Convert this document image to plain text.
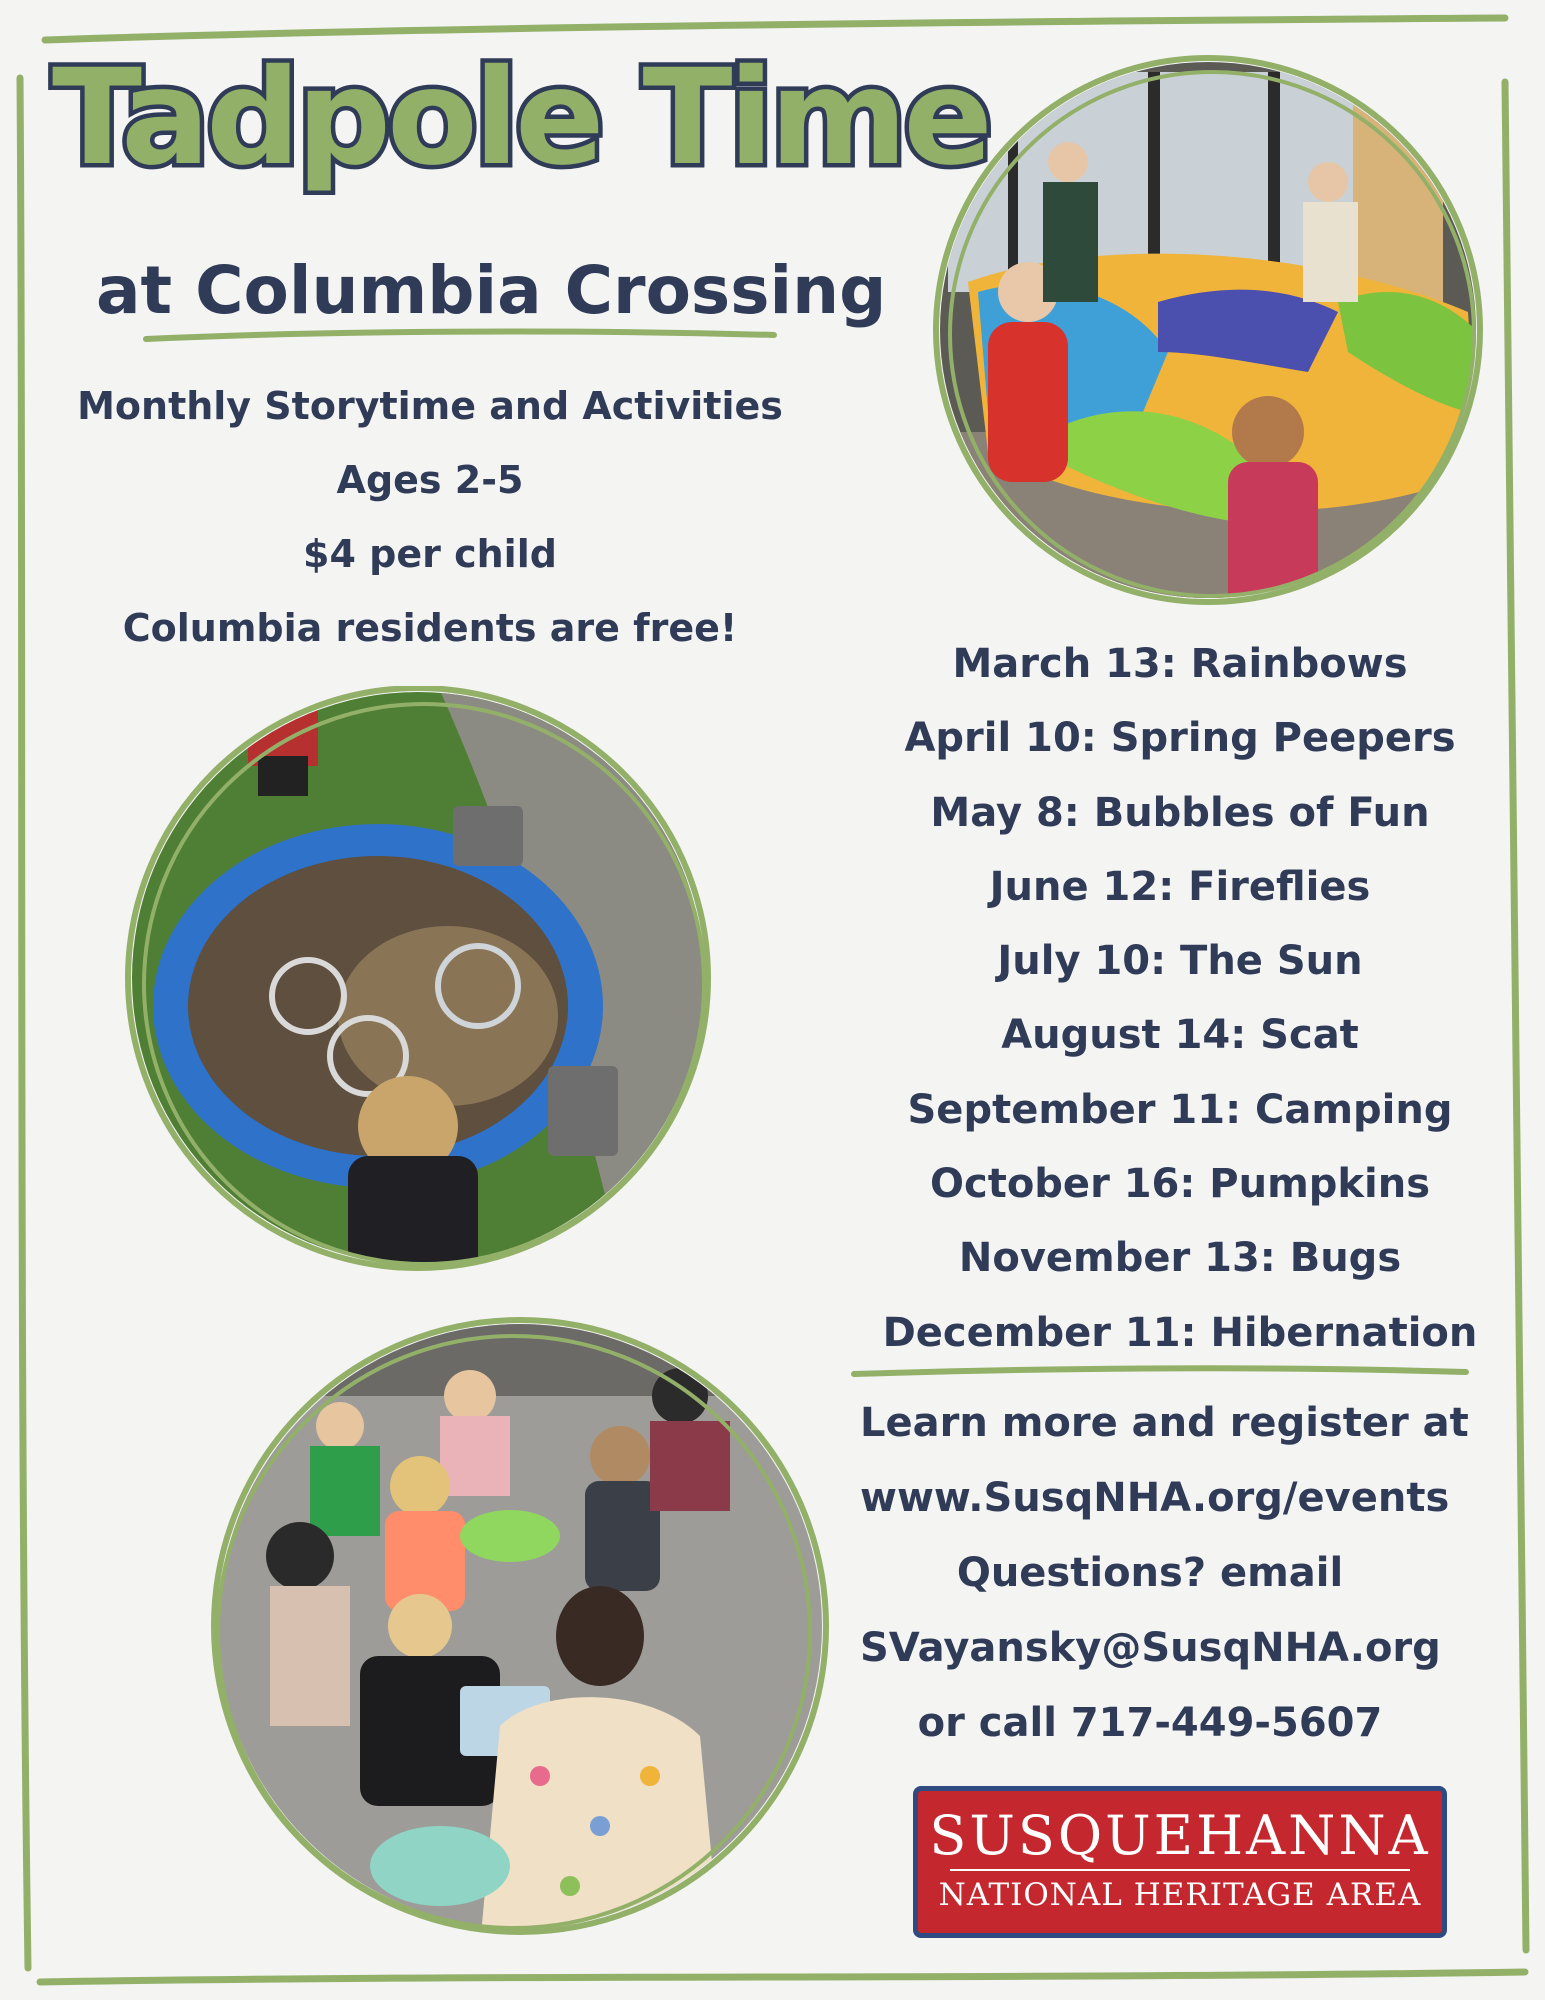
Tadpole Time
at Columbia Crossing
Monthly Storytime and Activities
Ages 2-5
$4 per child
Columbia residents are free!
March 13: Rainbows
April 10: Spring Peepers
May 8: Bubbles of Fun
June 12: Fireflies
July 10: The Sun
August 14: Scat
September 11: Camping
October 16: Pumpkins
November 13: Bugs
December 11: Hibernation
Learn more and register at
www.SusqNHA.org/events
Questions? email
SVayansky@SusqNHA.org
or call 717-449-5607
SUSQUEHANNA
NATIONAL HERITAGE AREA
